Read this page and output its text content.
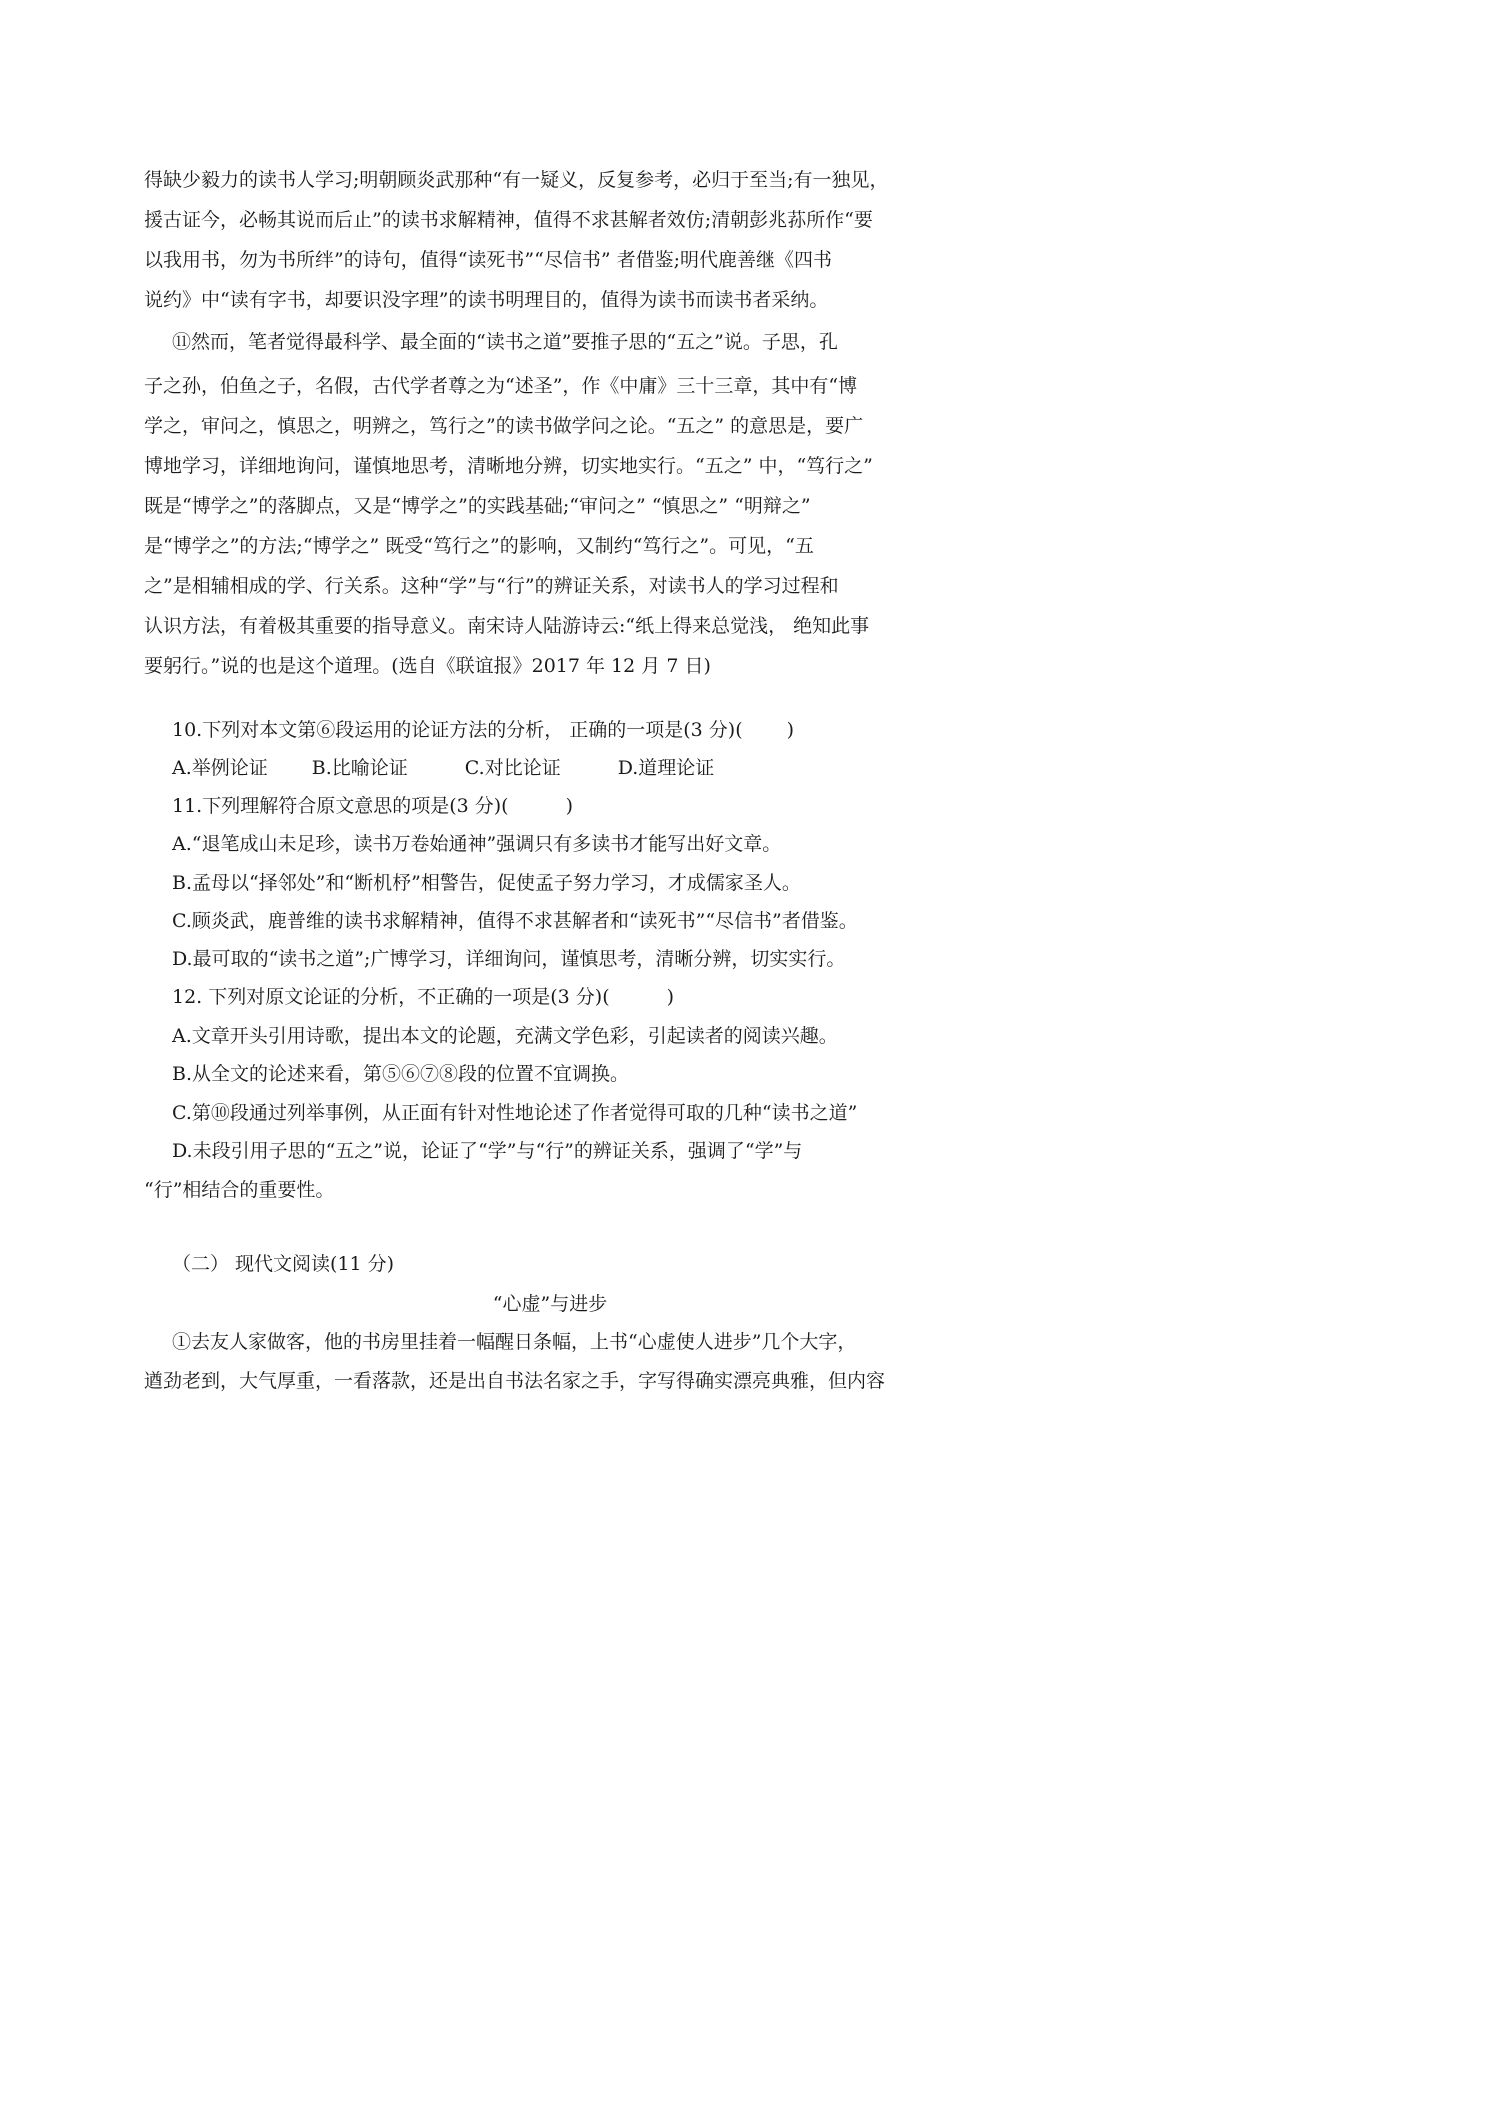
得缺少毅力的读书人学习;明朝顾炎武那种“有一疑义，反复参考，必归于至当;有一独见，
援古证今，必畅其说而后止”的读书求解精神，值得不求甚解者效仿;清朝彭兆荪所作“要
以我用书，勿为书所绊”的诗句，值得“读死书”“尽信书” 者借鉴;明代鹿善继《四书
说约》中“读有字书，却要识没字理”的读书明理目的，值得为读书而读书者采纳。
⑪然而，笔者觉得最科学、最全面的“读书之道”要推子思的“五之”说。子思，孔
子之孙，伯鱼之子，名假，古代学者尊之为“述圣”，作《中庸》三十三章，其中有“博
学之，审问之，慎思之，明辨之，笃行之”的读书做学问之论。“五之” 的意思是，要广
博地学习，详细地询问，谨慎地思考，清晰地分辨，切实地实行。“五之” 中，“笃行之”
既是“博学之”的落脚点，又是“博学之”的实践基础;“审问之” “慎思之” “明辩之”
是“博学之”的方法;“博学之” 既受“笃行之”的影响，又制约“笃行之”。可见，“五
之”是相辅相成的学、行关系。这种“学”与“行”的辨证关系，对读书人的学习过程和
认识方法，有着极其重要的指导意义。南宋诗人陆游诗云:“纸上得来总觉浅， 绝知此事
要躬行。”说的也是这个道理。(选自《联谊报》2017 年 12 月 7 日)
10.下列对本文第⑥段运用的论证方法的分析， 正确的一项是(3 分)(　　 )
A.举例论证　　 B.比喻论证　　　C.对比论证　　　D.道理论证
11.下列理解符合原文意思的项是(3 分)(　　　)
A.“退笔成山未足珍，读书万卷始通神”强调只有多读书才能写出好文章。
B.孟母以“择邻处”和“断机杼”相警告，促使孟子努力学习，才成儒家圣人。
C.顾炎武，鹿普维的读书求解精神，值得不求甚解者和“读死书”“尽信书”者借鉴。
D.最可取的“读书之道”;广博学习，详细询问，谨慎思考，清晰分辨，切实实行。
12. 下列对原文论证的分析，不正确的一项是(3 分)(　　　)
A.文章开头引用诗歌，提出本文的论题，充满文学色彩，引起读者的阅读兴趣。
B.从全文的论述来看，第⑤⑥⑦⑧段的位置不宜调换。
C.第⑩段通过列举事例，从正面有针对性地论述了作者觉得可取的几种“读书之道”
D.未段引用子思的“五之”说，论证了“学”与“行”的辨证关系，强调了“学”与
“行”相结合的重要性。
（二） 现代文阅读(11 分)
“心虚”与进步
①去友人家做客，他的书房里挂着一幅醒日条幅，上书“心虚使人进步”几个大字，
遒劲老到，大气厚重，一看落款，还是出自书法名家之手，字写得确实漂亮典雅，但内容
